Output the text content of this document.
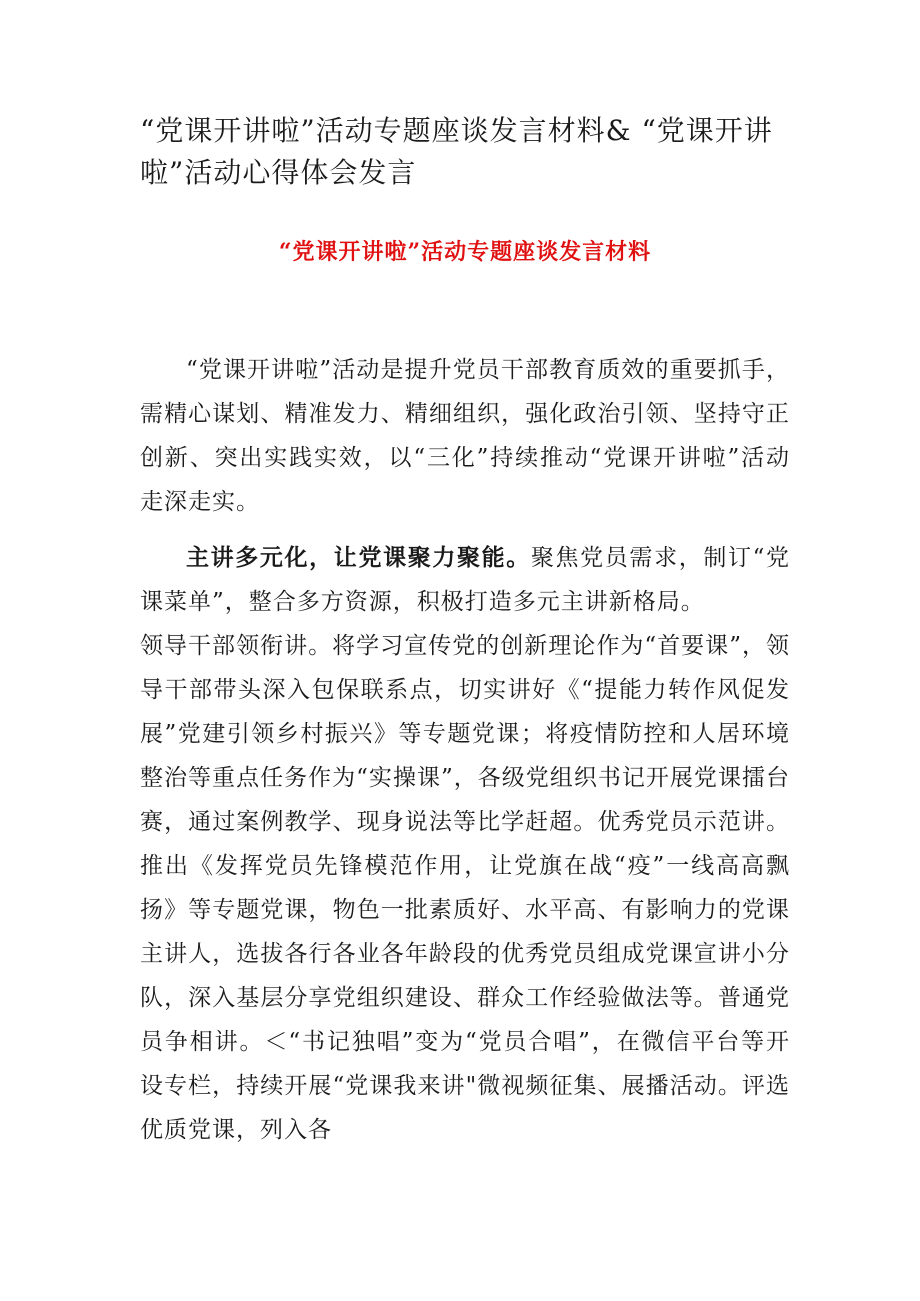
“党课开讲啦”活动专题座谈发言材料& “党课开讲啦”活动心得体会发言
“党课开讲啦”活动专题座谈发言材料

“党课开讲啦”活动是提升党员干部教育质效的重要抓手，需精心谋划、精准发力、精细组织，强化政治引领、坚持守正创新、突出实践实效，以“三化”持续推动“党课开讲啦”活动走深走实。

主讲多元化，让党课聚力聚能。聚焦党员需求，制订“党课菜单”，整合多方资源，积极打造多元主讲新格局。

领导干部领衔讲。将学习宣传党的创新理论作为“首要课”，领导干部带头深入包保联系点，切实讲好《“提能力转作风促发展”党建引领乡村振兴》等专题党课；将疫情防控和人居环境整治等重点任务作为“实操课”，各级党组织书记开展党课擂台赛，通过案例教学、现身说法等比学赶超。优秀党员示范讲。推出《发挥党员先锋模范作用，让党旗在战“疫”一线高高飘扬》等专题党课，物色一批素质好、水平高、有影响力的党课主讲人，选拔各行各业各年龄段的优秀党员组成党课宣讲小分队，深入基层分享党组织建设、群众工作经验做法等。普通党员争相讲。＜“书记独唱”变为“党员合唱”，在微信平台等开设专栏，持续开展“党课我来讲"微视频征集、展播活动。评选优质党课，列入各
